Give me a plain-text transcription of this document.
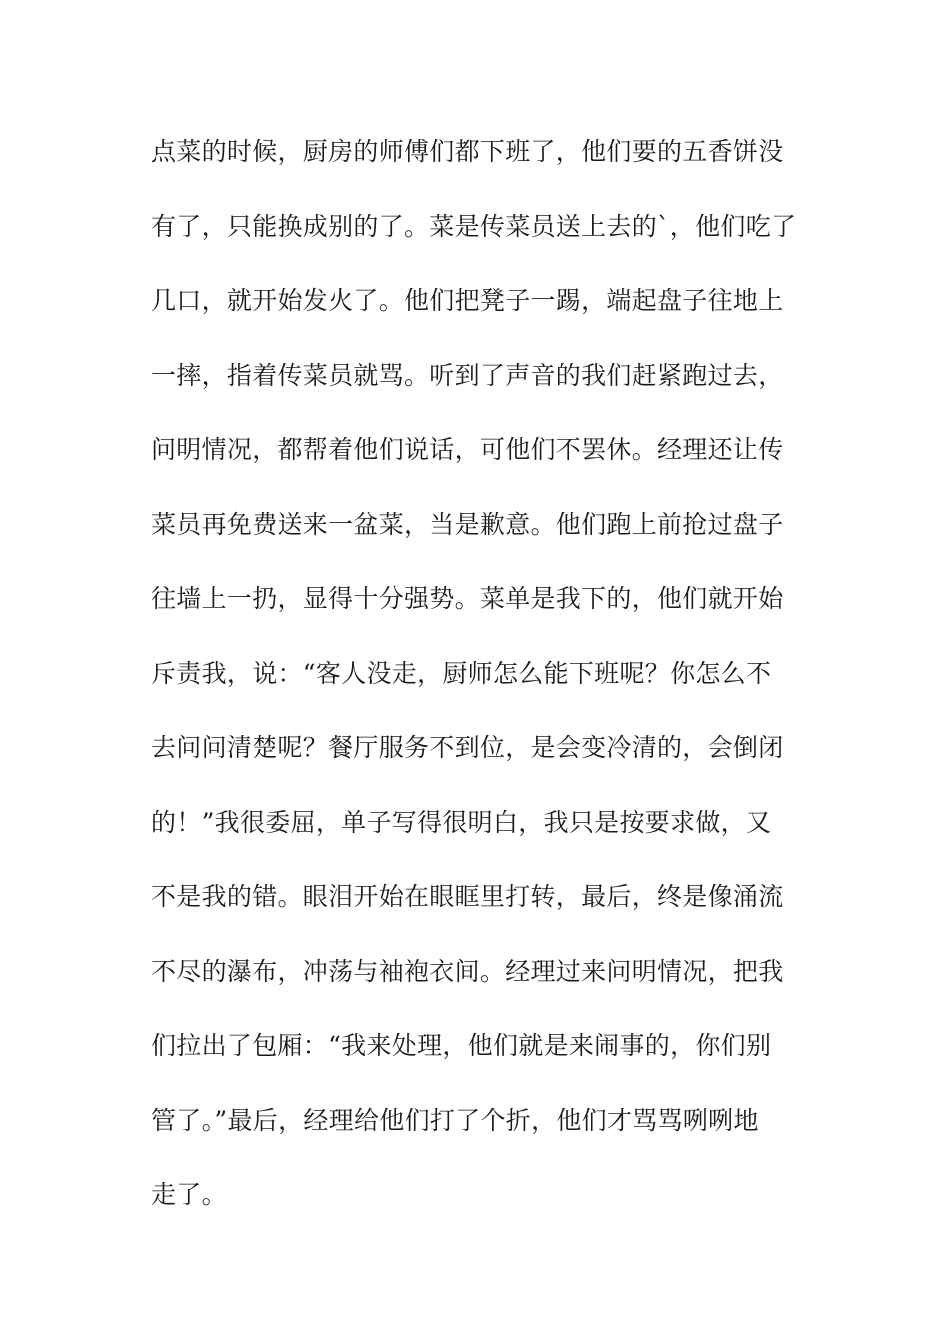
点菜的时候，厨房的师傅们都下班了，他们要的五香饼没
有了，只能换成别的了。菜是传菜员送上去的`，他们吃了
几口，就开始发火了。他们把凳子一踢，端起盘子往地上
一摔，指着传菜员就骂。听到了声音的我们赶紧跑过去，
问明情况，都帮着他们说话，可他们不罢休。经理还让传
菜员再免费送来一盆菜，当是歉意。他们跑上前抢过盘子
往墙上一扔，显得十分强势。菜单是我下的，他们就开始
斥责我，说：“客人没走，厨师怎么能下班呢？你怎么不
去问问清楚呢？餐厅服务不到位，是会变冷清的，会倒闭
的！”我很委屈，单子写得很明白，我只是按要求做，又
不是我的错。眼泪开始在眼眶里打转，最后，终是像涌流
不尽的瀑布，冲荡与袖袍衣间。经理过来问明情况，把我
们拉出了包厢：“我来处理，他们就是来闹事的，你们别
管了。”最后，经理给他们打了个折，他们才骂骂咧咧地
走了。
